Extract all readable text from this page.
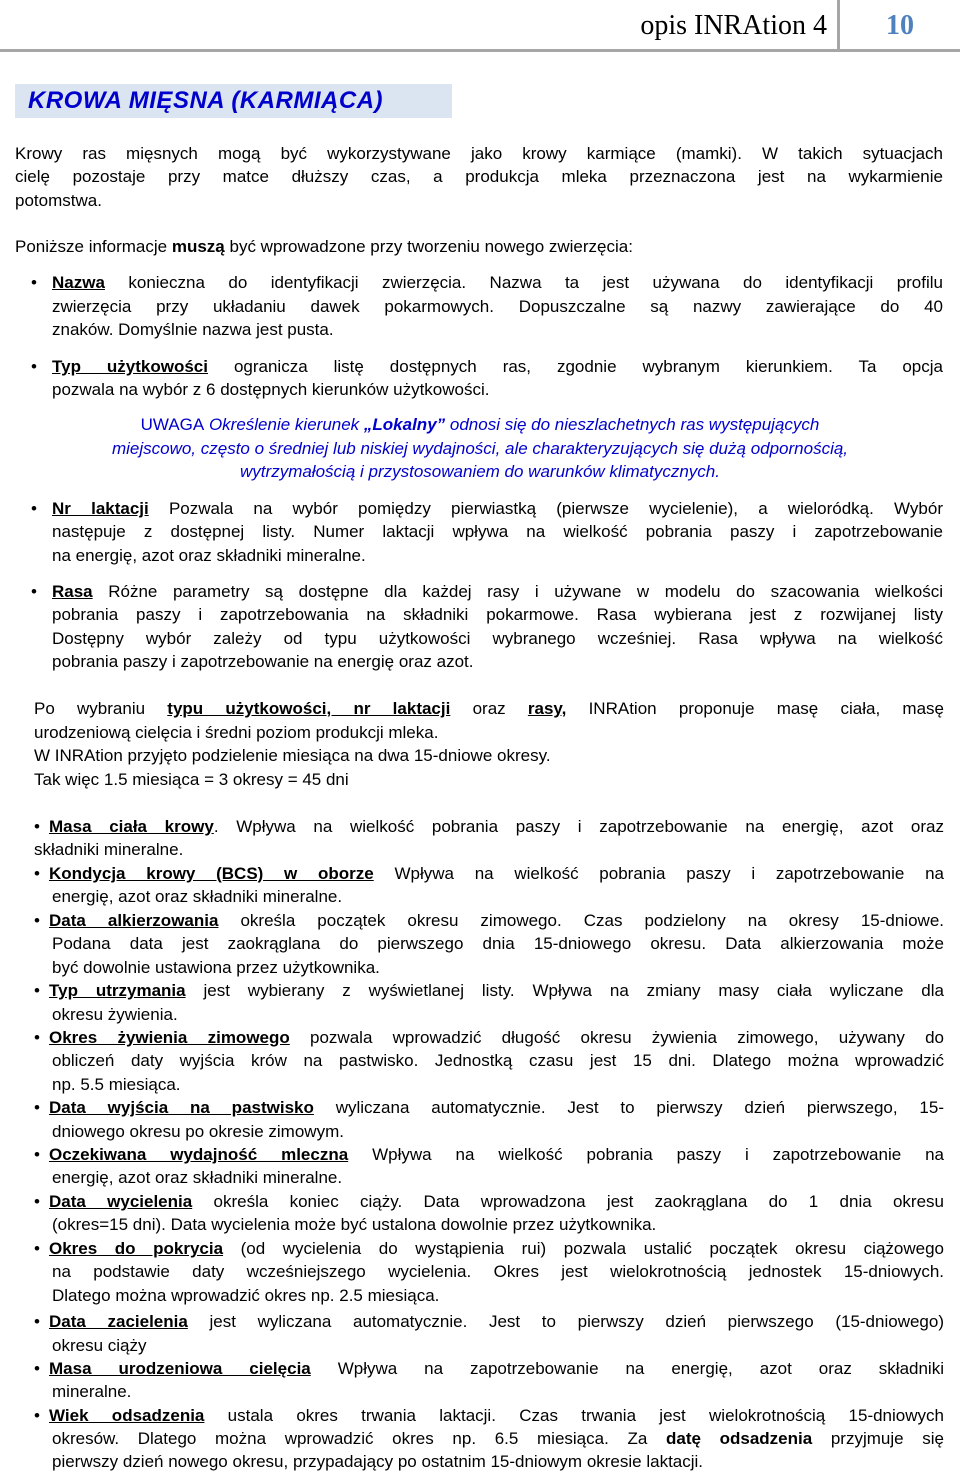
opis INRAtion 4	10
KROWA MIĘSNA (KARMIĄCA)
Krowy ras mięsnych mogą być wykorzystywane jako krowy karmiące (mamki). W takich sytuacjach
cielę pozostaje przy matce dłuższy czas, a produkcja mleka przeznaczona jest na wykarmienie
potomstwa.
Poniższe informacje muszą być wprowadzone przy tworzeniu nowego zwierzęcia:
• Nazwa konieczna do identyfikacji zwierzęcia. Nazwa ta jest używana do identyfikacji profilu
zwierzęcia przy układaniu dawek pokarmowych. Dopuszczalne są nazwy zawierające do 40
znaków. Domyślnie nazwa jest pusta.
• Typ użytkowości ogranicza listę dostępnych ras, zgodnie wybranym kierunkiem. Ta opcja
pozwala na wybór z 6 dostępnych kierunków użytkowości.
UWAGA Określenie kierunek „Lokalny” odnosi się do nieszlachetnych ras występujących
miejscowo, często o średniej lub niskiej wydajności, ale charakteryzujących się dużą odpornością,
wytrzymałością i przystosowaniem do warunków klimatycznych.
• Nr laktacji Pozwala na wybór pomiędzy pierwiastką (pierwsze wycielenie), a wieloródką. Wybór
następuje z dostępnej listy. Numer laktacji wpływa na wielkość pobrania paszy i zapotrzebowanie
na energię, azot oraz składniki mineralne.
• Rasa Różne parametry są dostępne dla każdej rasy i używane w modelu do szacowania wielkości
pobrania paszy i zapotrzebowania na składniki pokarmowe. Rasa wybierana jest z rozwijanej listy
Dostępny wybór zależy od typu użytkowości wybranego wcześniej. Rasa wpływa na wielkość
pobrania paszy i zapotrzebowanie na energię oraz azot.
Po wybraniu typu użytkowości, nr laktacji oraz rasy, INRAtion proponuje masę ciała, masę
urodzeniową cielęcia i średni poziom produkcji mleka.
W INRAtion przyjęto podzielenie miesiąca na dwa 15-dniowe okresy.
Tak więc 1.5 miesiąca = 3 okresy = 45 dni
• Masa ciała krowy. Wpływa na wielkość pobrania paszy i zapotrzebowanie na energię, azot oraz
składniki mineralne.
• Kondycja krowy (BCS) w oborze Wpływa na wielkość pobrania paszy i zapotrzebowanie na
energię, azot oraz składniki mineralne.
• Data alkierzowania określa początek okresu zimowego. Czas podzielony na okresy 15-dniowe.
Podana data jest zaokrąglana do pierwszego dnia 15-dniowego okresu. Data alkierzowania może
być dowolnie ustawiona przez użytkownika.
• Typ utrzymania jest wybierany z wyświetlanej listy. Wpływa na zmiany masy ciała wyliczane dla
okresu żywienia.
• Okres żywienia zimowego pozwala wprowadzić długość okresu żywienia zimowego, używany do
obliczeń daty wyjścia krów na pastwisko. Jednostką czasu jest 15 dni. Dlatego można wprowadzić
np. 5.5 miesiąca.
• Data wyjścia na pastwisko wyliczana automatycznie. Jest to pierwszy dzień pierwszego, 15-
dniowego okresu po okresie zimowym.
• Oczekiwana wydajność mleczna Wpływa na wielkość pobrania paszy i zapotrzebowanie na
energię, azot oraz składniki mineralne.
• Data wycielenia określa koniec ciąży. Data wprowadzona jest zaokrąglana do 1 dnia okresu
(okres=15 dni). Data wycielenia może być ustalona dowolnie przez użytkownika.
• Okres do pokrycia (od wycielenia do wystąpienia rui) pozwala ustalić początek okresu ciążowego
na podstawie daty wcześniejszego wycielenia. Okres jest wielokrotnością jednostek 15-dniowych.
Dlatego można wprowadzić okres np. 2.5 miesiąca.
• Data zacielenia jest wyliczana automatycznie. Jest to pierwszy dzień pierwszego (15-dniowego)
okresu ciąży
• Masa urodzeniowa cielęcia Wpływa na zapotrzebowanie na energię, azot oraz składniki
mineralne.
• Wiek odsadzenia ustala okres trwania laktacji. Czas trwania jest wielokrotnością 15-dniowych
okresów. Dlatego można wprowadzić okres np. 6.5 miesiąca. Za datę odsadzenia przyjmuje się
pierwszy dzień nowego okresu, przypadający po ostatnim 15-dniowym okresie laktacji.
